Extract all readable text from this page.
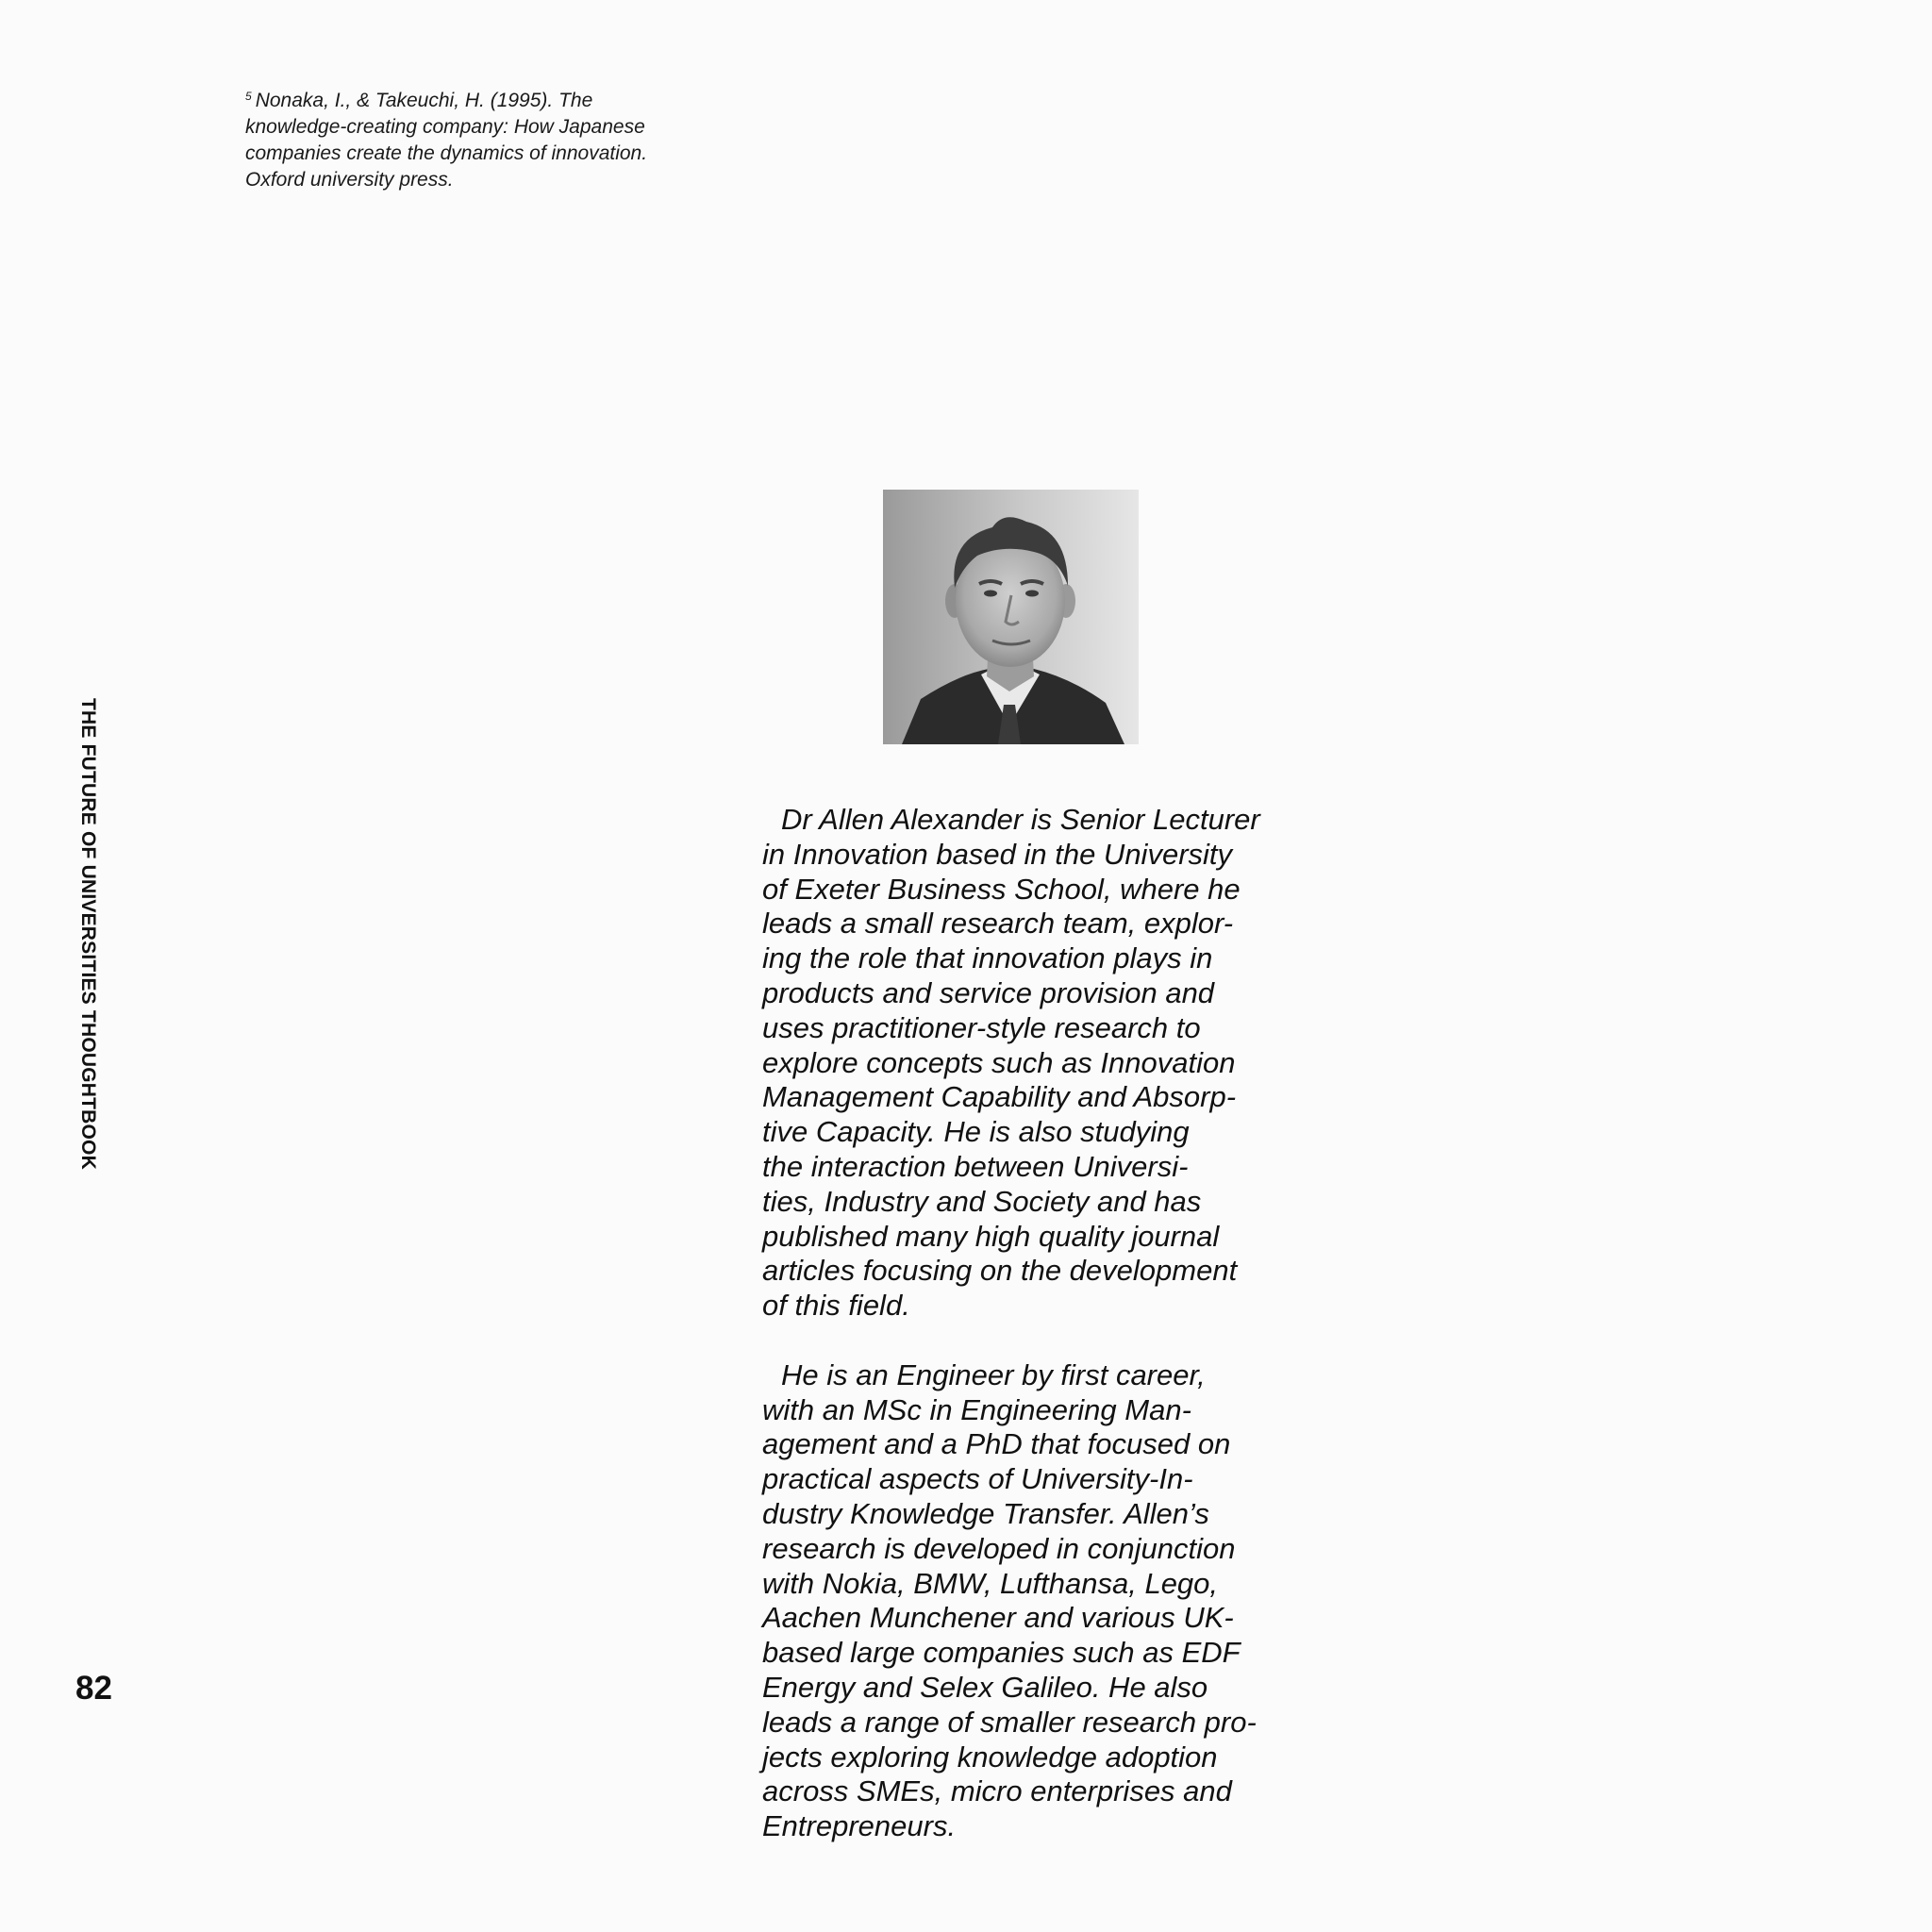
$^5$ Nonaka, I., & Takeuchi, H. (1995). The
knowledge-creating company: How Japanese
companies create the dynamics of innovation.
Oxford university press.
THE FUTURE OF UNIVERSITIES THOUGHTBOOK
82
Dr Allen Alexander is Senior Lecturer
in Innovation based in the University
of Exeter Business School, where he
leads a small research team, explor-
ing the role that innovation plays in
products and service provision and
uses practitioner-style research to
explore concepts such as Innovation
Management Capability and Absorp-
tive Capacity. He is also studying
the interaction between Universi-
ties, Industry and Society and has
published many high quality journal
articles focusing on the development
of this field.
He is an Engineer by first career,
with an MSc in Engineering Man-
agement and a PhD that focused on
practical aspects of University-In-
dustry Knowledge Transfer. Allen’s
research is developed in conjunction
with Nokia, BMW, Lufthansa, Lego,
Aachen Munchener and various UK-
based large companies such as EDF
Energy and Selex Galileo. He also
leads a range of smaller research pro-
jects exploring knowledge adoption
across SMEs, micro enterprises and
Entrepreneurs.
